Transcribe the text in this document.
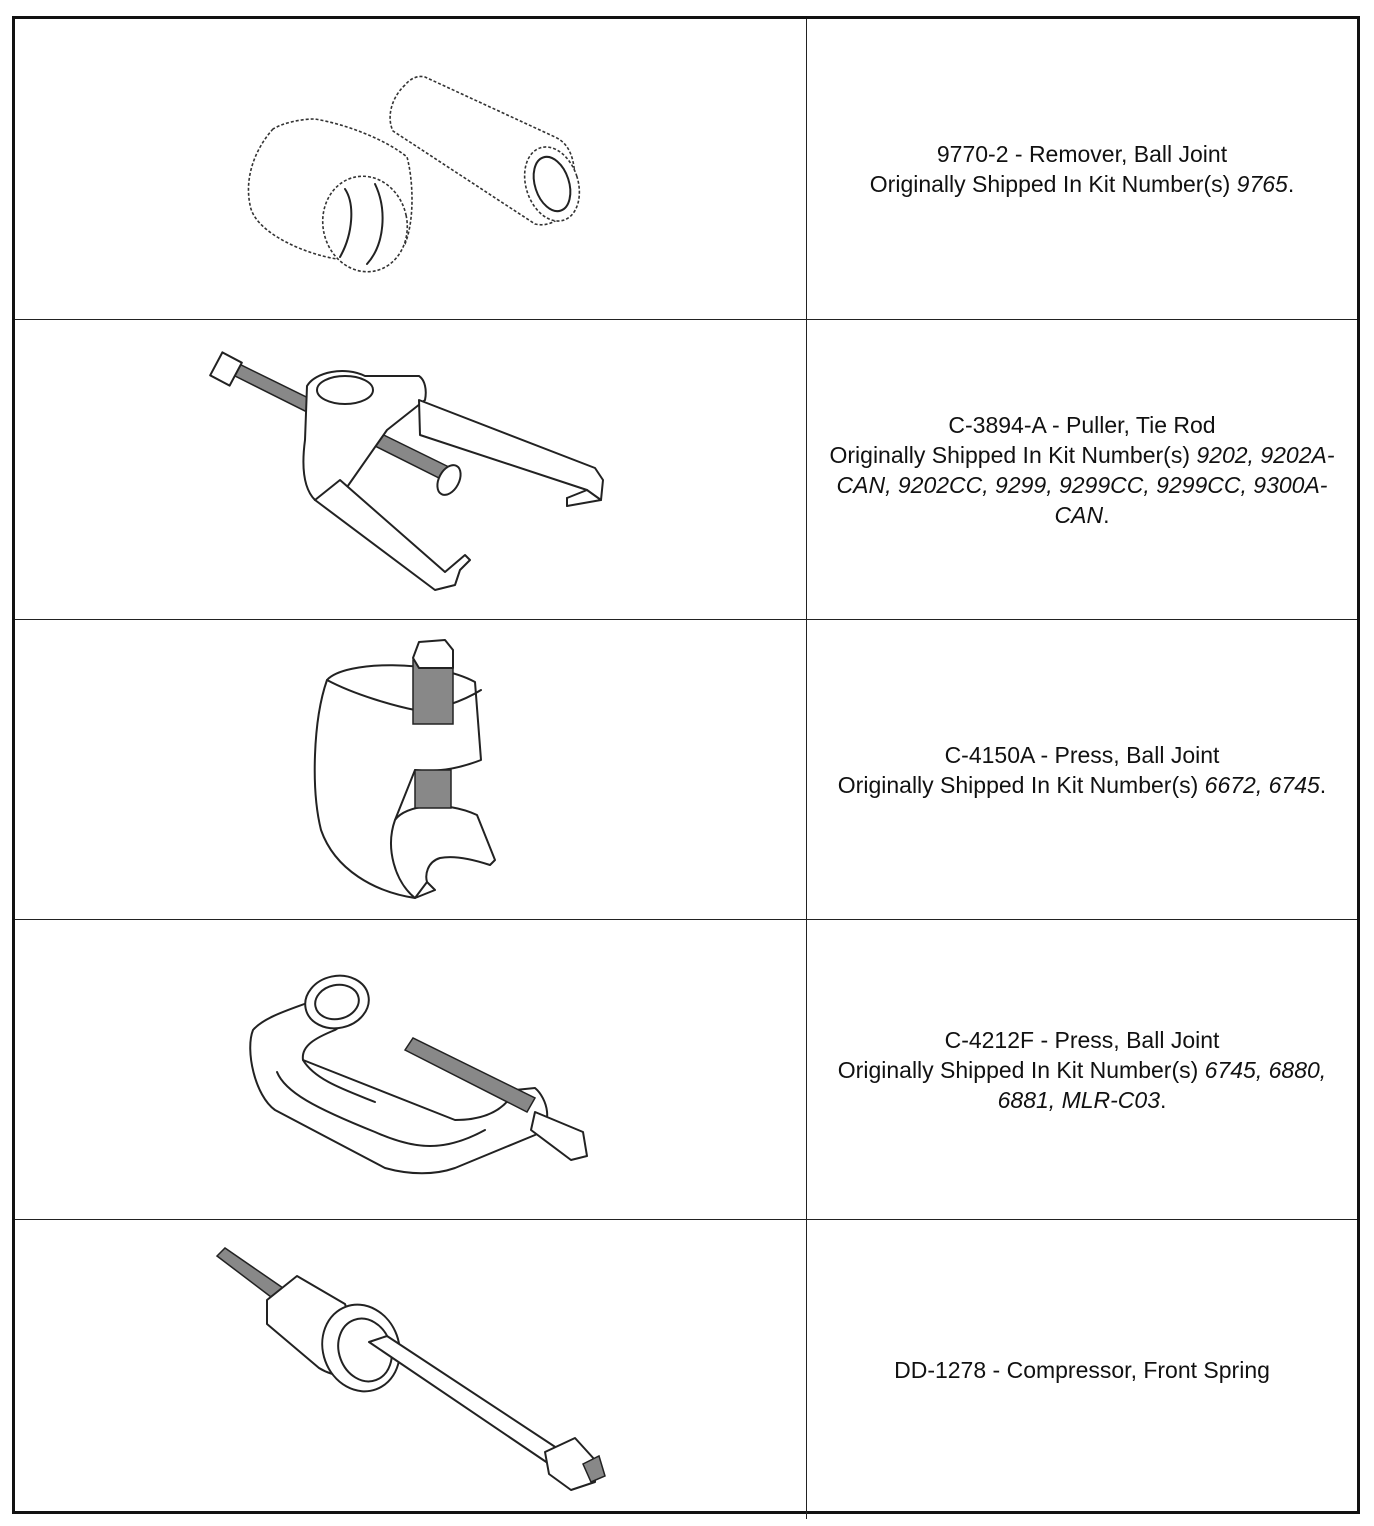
9770-2 - Remover, Ball Joint
Originally Shipped In Kit Number(s) 9765.
C-3894-A - Puller, Tie Rod
Originally Shipped In Kit Number(s) 9202, 9202A-CAN, 9202CC, 9299, 9299CC, 9299CC, 9300A-CAN.
C-4150A - Press, Ball Joint
Originally Shipped In Kit Number(s) 6672, 6745.
C-4212F - Press, Ball Joint
Originally Shipped In Kit Number(s) 6745, 6880, 6881, MLR-C03.
DD-1278 - Compressor, Front Spring
